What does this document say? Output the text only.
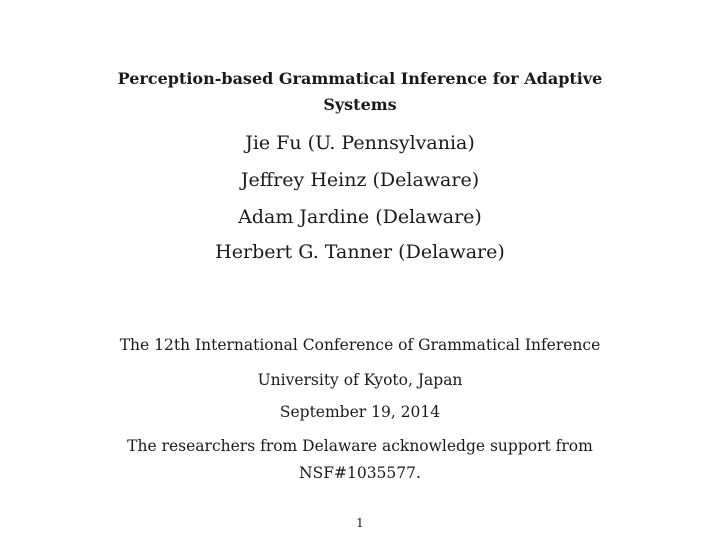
Perception-based Grammatical Inference for Adaptive
Systems
Jie Fu (U. Pennsylvania)
Jeffrey Heinz (Delaware)
Adam Jardine (Delaware)
Herbert G. Tanner (Delaware)
The 12th International Conference of Grammatical Inference
University of Kyoto, Japan
September 19, 2014
The researchers from Delaware acknowledge support from
NSF#1035577.
1
